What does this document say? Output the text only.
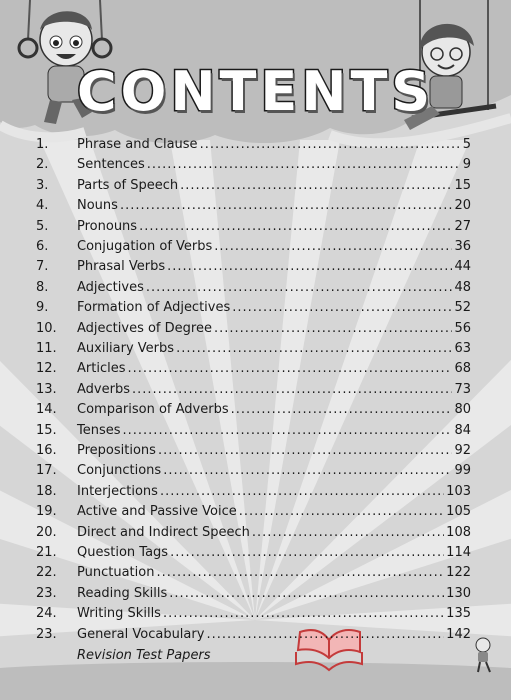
CONTENTS
1. Phrase and Clause .....	5
2. Sentences .....	9
3. Parts of Speech .....	15
4. Nouns .....	20
5. Pronouns .....	27
6. Conjugation of Verbs .....	36
7. Phrasal Verbs .....	44
8. Adjectives .....	48
9. Formation of Adjectives .....	52
10. Adjectives of Degree .....	56
11. Auxiliary Verbs .....	63
12. Articles .....	68
13. Adverbs .....	73
14. Comparison of Adverbs .....	80
15. Tenses .....	84
16. Prepositions .....	92
17. Conjunctions .....	99
18. Interjections .....	103
19. Active and Passive Voice .....	105
20. Direct and Indirect Speech .....	108
21. Question Tags .....	114
22. Punctuation .....	122
23. Reading Skills .....	130
24. Writing Skills .....	135
23. General Vocabulary .....	142
Revision Test Papers
